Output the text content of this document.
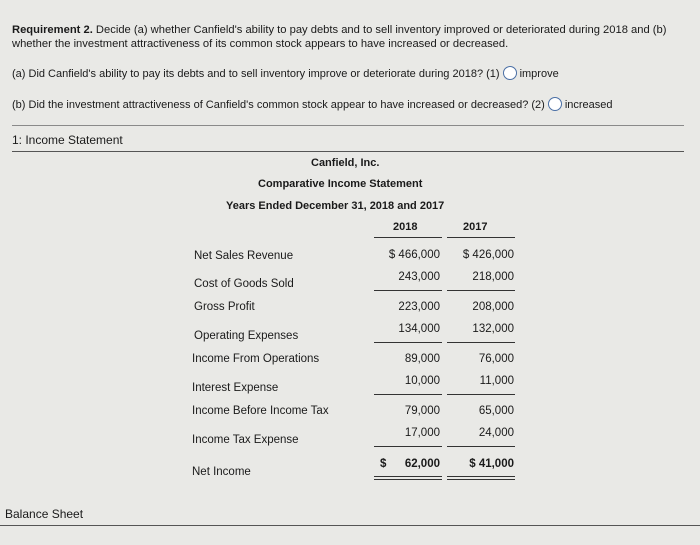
Requirement 2. Decide (a) whether Canfield's ability to pay debts and to sell inventory improved or deteriorated during 2018 and (b) whether the investment attractiveness of its common stock appears to have increased or decreased.
(a) Did Canfield's ability to pay its debts and to sell inventory improve or deteriorate during 2018? (1) improve
(b) Did the investment attractiveness of Canfield's common stock appear to have increased or decreased? (2) increased
1: Income Statement
Canfield, Inc.
Comparative Income Statement
Years Ended December 31, 2018 and 2017
2018	2017
Net Sales Revenue
Cost of Goods Sold
Gross Profit
Operating Expenses
Income From Operations
Interest Expense
Income Before Income Tax
Income Tax Expense
Net Income
$ 466,000
243,000
223,000
134,000
89,000
10,000
79,000
17,000
$	62,000
$ 426,000
218,000
208,000
132,000
76,000
11,000
65,000
24,000
$ 41,000
Balance Sheet
